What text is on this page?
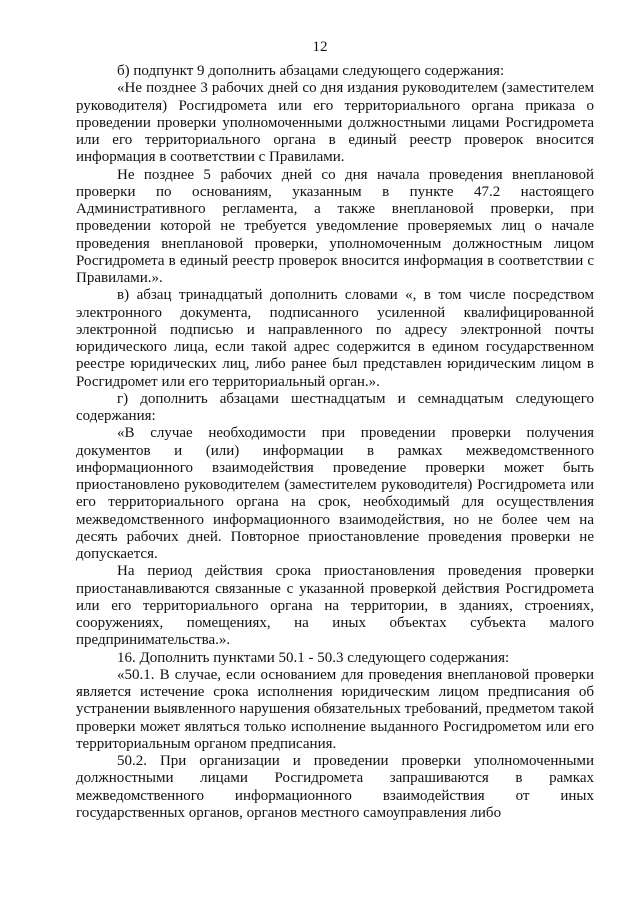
12

б) подпункт 9 дополнить абзацами следующего содержания:

«Не позднее 3 рабочих дней со дня издания руководителем (заместителем руководителя) Росгидромета или его территориального органа приказа о проведении проверки уполномоченными должностными лицами Росгидромета или его территориального органа в единый реестр проверок вносится информация в соответствии с Правилами.

Не позднее 5 рабочих дней со дня начала проведения внеплановой проверки по основаниям, указанным в пункте 47.2 настоящего Административного регламента, а также внеплановой проверки, при проведении которой не требуется уведомление проверяемых лиц о начале проведения внеплановой проверки, уполномоченным должностным лицом Росгидромета в единый реестр проверок вносится информация в соответствии с Правилами.».

в) абзац тринадцатый дополнить словами «, в том числе посредством электронного документа, подписанного усиленной квалифицированной электронной подписью и направленного по адресу электронной почты юридического лица, если такой адрес содержится в едином государственном реестре юридических лиц, либо ранее был представлен юридическим лицом в Росгидромет или его территориальный орган.».

г) дополнить абзацами шестнадцатым и семнадцатым следующего содержания:

«В случае необходимости при проведении проверки получения документов и (или) информации в рамках межведомственного информационного взаимодействия проведение проверки может быть приостановлено руководителем (заместителем руководителя) Росгидромета или его территориального органа на срок, необходимый для осуществления межведомственного информационного взаимодействия, но не более чем на десять рабочих дней. Повторное приостановление проведения проверки не допускается.

На период действия срока приостановления проведения проверки приостанавливаются связанные с указанной проверкой действия Росгидромета или его территориального органа на территории, в зданиях, строениях, сооружениях, помещениях, на иных объектах субъекта малого предпринимательства.».

16. Дополнить пунктами 50.1 - 50.3 следующего содержания:

«50.1. В случае, если основанием для проведения внеплановой проверки является истечение срока исполнения юридическим лицом предписания об устранении выявленного нарушения обязательных требований, предметом такой проверки может являться только исполнение выданного Росгидрометом или его территориальным органом предписания.

50.2. При организации и проведении проверки уполномоченными должностными лицами Росгидромета запрашиваются в рамках межведомственного информационного взаимодействия от иных государственных органов, органов местного самоуправления либо
